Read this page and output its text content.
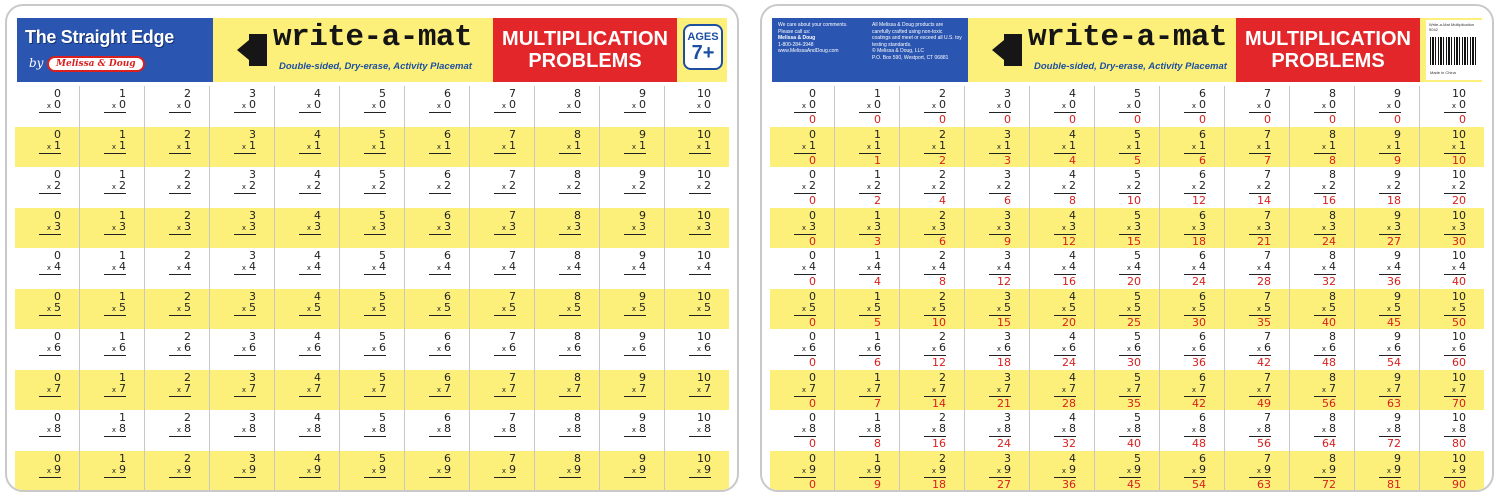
The Straight Edge
by	Melissa & Doug
write-a-mat
Double-sided, Dry-erase, Activity Placemat
MULTIPLICATION
PROBLEMS
AGES
7+
0
x 0
1
x 0
2
x 0
3
x 0
4
x 0
5
x 0
6
x 0
7
x 0
8
x 0
9
x 0
10
x 0
0
x 1
1
x 1
2
x 1
3
x 1
4
x 1
5
x 1
6
x 1
7
x 1
8
x 1
9
x 1
10
x 1
0
x 2
1
x 2
2
x 2
3
x 2
4
x 2
5
x 2
6
x 2
7
x 2
8
x 2
9
x 2
10
x 2
0
x 3
1
x 3
2
x 3
3
x 3
4
x 3
5
x 3
6
x 3
7
x 3
8
x 3
9
x 3
10
x 3
0
x 4
1
x 4
2
x 4
3
x 4
4
x 4
5
x 4
6
x 4
7
x 4
8
x 4
9
x 4
10
x 4
0
x 5
1
x 5
2
x 5
3
x 5
4
x 5
5
x 5
6
x 5
7
x 5
8
x 5
9
x 5
10
x 5
0
x 6
1
x 6
2
x 6
3
x 6
4
x 6
5
x 6
6
x 6
7
x 6
8
x 6
9
x 6
10
x 6
0
x 7
1
x 7
2
x 7
3
x 7
4
x 7
5
x 7
6
x 7
7
x 7
8
x 7
9
x 7
10
x 7
0
x 8
1
x 8
2
x 8
3
x 8
4
x 8
5
x 8
6
x 8
7
x 8
8
x 8
9
x 8
10
x 8
0
x 9
1
x 9
2
x 9
3
x 9
4
x 9
5
x 9
6
x 9
7
x 9
8
x 9
9
x 9
10
x 9
We care about your comments. Please call us:
Melissa & Doug
1-800-284-3948
www.MelissaAndDoug.com
All Melissa & Doug products are carefully crafted using non-toxic coatings and meet or exceed all U.S. toy testing standards.
© Melissa & Doug, LLC
P.O. Box 590, Westport, CT 06881
write-a-mat
Double-sided, Dry-erase, Activity Placemat
MULTIPLICATION
PROBLEMS
Write-a-Mat Multiplication 5042
Made in China
0
x 0
0
1
x 0
0
2
x 0
0
3
x 0
0
4
x 0
0
5
x 0
0
6
x 0
0
7
x 0
0
8
x 0
0
9
x 0
0
10
x 0
0
0
x 1
0
1
x 1
1
2
x 1
2
3
x 1
3
4
x 1
4
5
x 1
5
6
x 1
6
7
x 1
7
8
x 1
8
9
x 1
9
10
x 1
10
0
x 2
0
1
x 2
2
2
x 2
4
3
x 2
6
4
x 2
8
5
x 2
10
6
x 2
12
7
x 2
14
8
x 2
16
9
x 2
18
10
x 2
20
0
x 3
0
1
x 3
3
2
x 3
6
3
x 3
9
4
x 3
12
5
x 3
15
6
x 3
18
7
x 3
21
8
x 3
24
9
x 3
27
10
x 3
30
0
x 4
0
1
x 4
4
2
x 4
8
3
x 4
12
4
x 4
16
5
x 4
20
6
x 4
24
7
x 4
28
8
x 4
32
9
x 4
36
10
x 4
40
0
x 5
0
1
x 5
5
2
x 5
10
3
x 5
15
4
x 5
20
5
x 5
25
6
x 5
30
7
x 5
35
8
x 5
40
9
x 5
45
10
x 5
50
0
x 6
0
1
x 6
6
2
x 6
12
3
x 6
18
4
x 6
24
5
x 6
30
6
x 6
36
7
x 6
42
8
x 6
48
9
x 6
54
10
x 6
60
0
x 7
0
1
x 7
7
2
x 7
14
3
x 7
21
4
x 7
28
5
x 7
35
6
x 7
42
7
x 7
49
8
x 7
56
9
x 7
63
10
x 7
70
0
x 8
0
1
x 8
8
2
x 8
16
3
x 8
24
4
x 8
32
5
x 8
40
6
x 8
48
7
x 8
56
8
x 8
64
9
x 8
72
10
x 8
80
0
x 9
0
1
x 9
9
2
x 9
18
3
x 9
27
4
x 9
36
5
x 9
45
6
x 9
54
7
x 9
63
8
x 9
72
9
x 9
81
10
x 9
90
